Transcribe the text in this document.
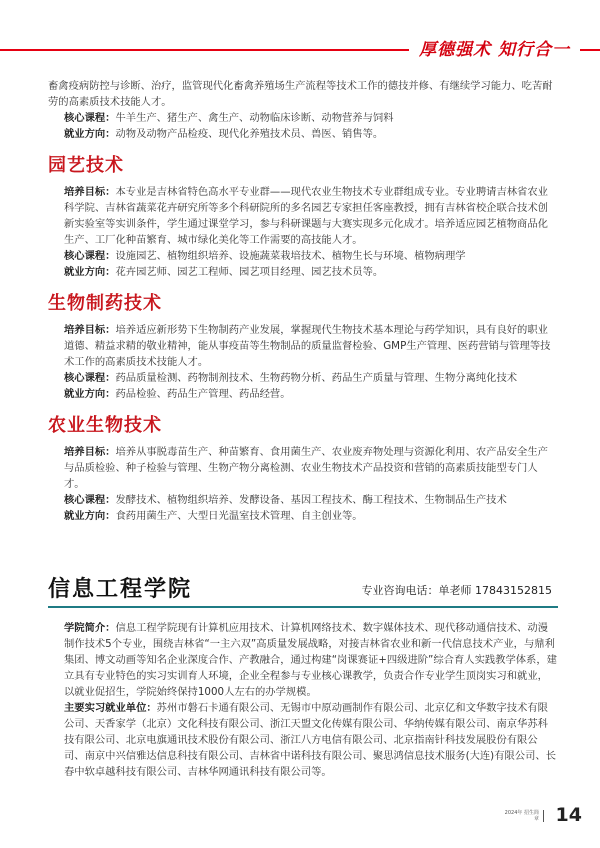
厚德强术 知行合一

畜禽疫病防控与诊断、治疗，监管现代化畜禽养殖场生产流程等技术工作的德技并修、有继续学习能力、吃苦耐劳的高素质技术技能人才。

核心课程：牛羊生产、猪生产、禽生产、动物临床诊断、动物营养与饲料

就业方向：动物及动物产品检疫、现代化养殖技术员、兽医、销售等。

园艺技术

培养目标：本专业是吉林省特色高水平专业群——现代农业生物技术专业群组成专业。专业聘请吉林省农业科学院、吉林省蔬菜花卉研究所等多个科研院所的多名园艺专家担任客座教授，拥有吉林省校企联合技术创新实验室等实训条件，学生通过课堂学习，参与科研课题与大赛实现多元化成才。培养适应园艺植物商品化生产、工厂化种苗繁育、城市绿化美化等工作需要的高技能人才。

核心课程：设施园艺、植物组织培养、设施蔬菜栽培技术、植物生长与环境、植物病理学

就业方向：花卉园艺师、园艺工程师、园艺项目经理、园艺技术员等。

生物制药技术

培养目标：培养适应新形势下生物制药产业发展，掌握现代生物技术基本理论与药学知识，具有良好的职业道德、精益求精的敬业精神，能从事疫苗等生物制品的质量监督检验、GMP生产管理、医药营销与管理等技术工作的高素质技术技能人才。

核心课程：药品质量检测、药物制剂技术、生物药物分析、药品生产质量与管理、生物分离纯化技术

就业方向：药品检验、药品生产管理、药品经营。

农业生物技术

培养目标：培养从事脱毒苗生产、种苗繁育、食用菌生产、农业废弃物处理与资源化利用、农产品安全生产与品质检验、种子检验与管理、生物产物分离检测、农业生物技术产品投资和营销的高素质技能型专门人才。

核心课程：发酵技术、植物组织培养、发酵设备、基因工程技术、酶工程技术、生物制品生产技术

就业方向：食药用菌生产、大型日光温室技术管理、自主创业等。

信息工程学院	专业咨询电话：单老师 17843152815

学院简介：信息工程学院现有计算机应用技术、计算机网络技术、数字媒体技术、现代移动通信技术、动漫制作技术5个专业，围绕吉林省“一主六双”高质量发展战略，对接吉林省农业和新一代信息技术产业，与鼎利集团、博文动画等知名企业深度合作、产教融合，通过构建“岗课赛证+四级进阶”综合育人实践教学体系，建立具有专业特色的实习实训育人环境，企业全程参与专业核心课教学，负责合作专业学生顶岗实习和就业，以就业促招生，学院始终保持1000人左右的办学规模。

主要实习就业单位：苏州市磐石卡通有限公司、无锡市中原动画制作有限公司、北京亿和文华数字技术有限公司、天香家学（北京）文化科技有限公司、浙江天盟文化传媒有限公司、华纳传媒有限公司、南京华苏科技有限公司、北京电旗通讯技术股份有限公司、浙江八方电信有限公司、北京指南针科技发展股份有限公司、南京中兴信雅达信息科技有限公司、吉林省中诺科技有限公司、聚思鸿信息技术服务(大连)有限公司、长春中软卓越科技有限公司、吉林华网通讯科技有限公司等。

2024年 招生简章 14
